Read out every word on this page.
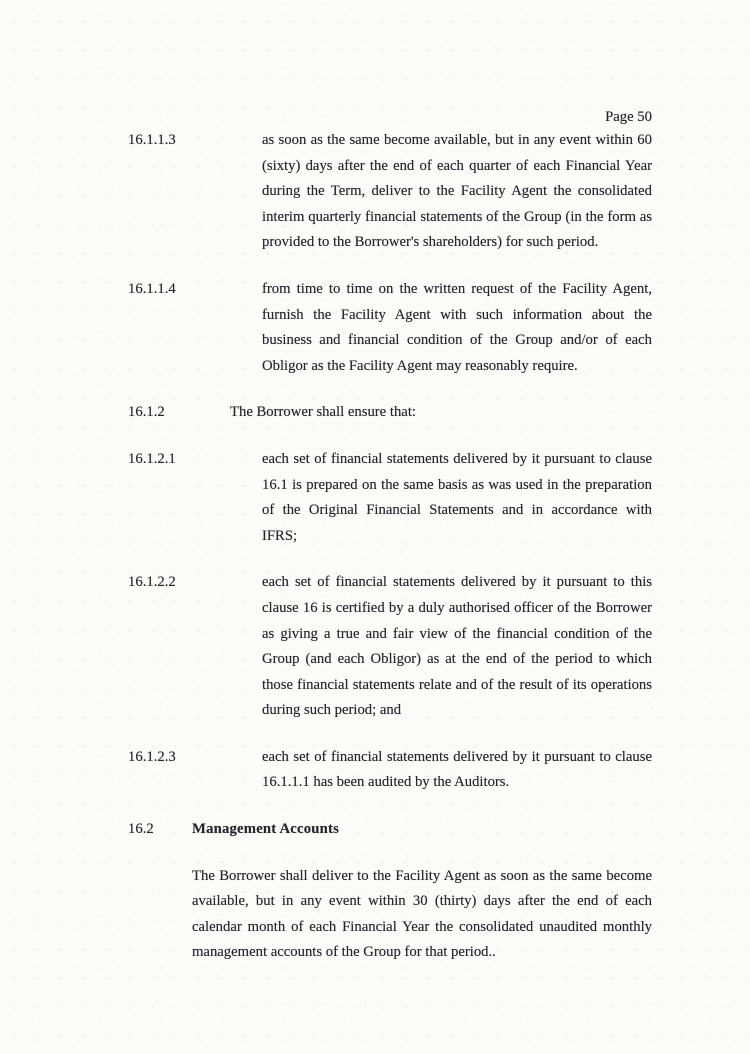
Page 50
16.1.1.3	as soon as the same become available, but in any event within 60 (sixty) days after the end of each quarter of each Financial Year during the Term, deliver to the Facility Agent the consolidated interim quarterly financial statements of the Group (in the form as provided to the Borrower's shareholders) for such period.
16.1.1.4	from time to time on the written request of the Facility Agent, furnish the Facility Agent with such information about the business and financial condition of the Group and/or of each Obligor as the Facility Agent may reasonably require.
16.1.2	The Borrower shall ensure that:
16.1.2.1	each set of financial statements delivered by it pursuant to clause 16.1 is prepared on the same basis as was used in the preparation of the Original Financial Statements and in accordance with IFRS;
16.1.2.2	each set of financial statements delivered by it pursuant to this clause 16 is certified by a duly authorised officer of the Borrower as giving a true and fair view of the financial condition of the Group (and each Obligor) as at the end of the period to which those financial statements relate and of the result of its operations during such period; and
16.1.2.3	each set of financial statements delivered by it pursuant to clause 16.1.1.1 has been audited by the Auditors.
16.2	Management Accounts
The Borrower shall deliver to the Facility Agent as soon as the same become available, but in any event within 30 (thirty) days after the end of each calendar month of each Financial Year the consolidated unaudited monthly management accounts of the Group for that period..
